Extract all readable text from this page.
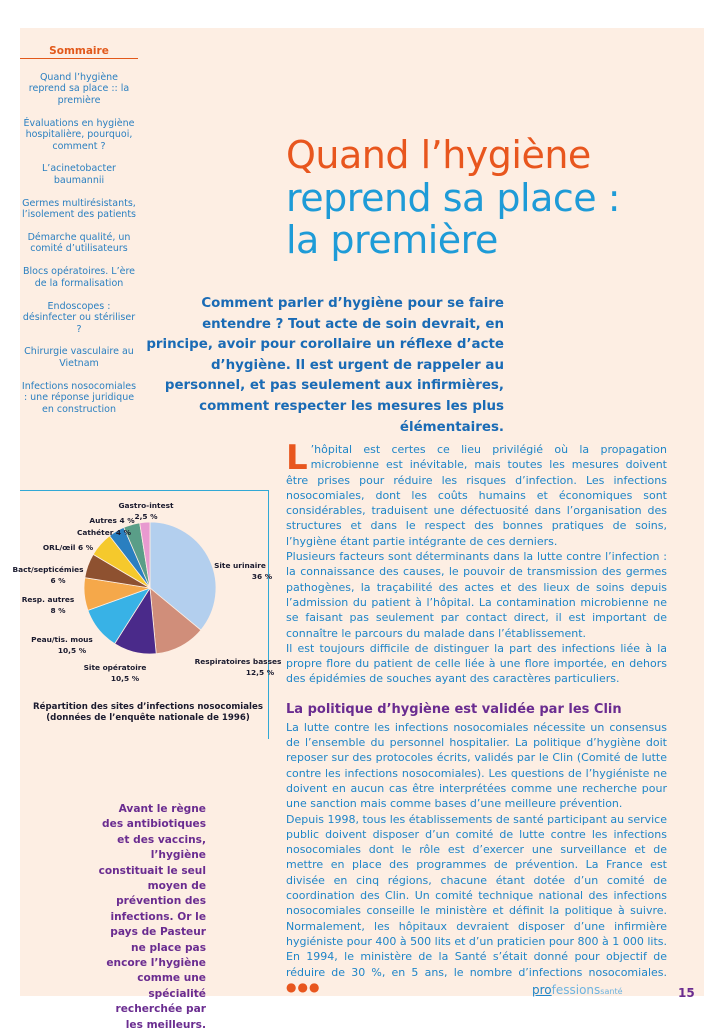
Sommaire
Quand l’hygiène reprend sa place :: la première
Évaluations en hygiène hospitalière, pourquoi, comment ?
L’acinetobacter baumannii
Germes multirésistants, l’isolement des patients
Démarche qualité, un comité d’utilisateurs
Blocs opératoires. L’ère de la formalisation
Endoscopes : désinfecter ou stériliser ?
Chirurgie vasculaire au Vietnam
Infections nosocomiales : une réponse juridique en construction
Quand l’hygiène
reprend sa place :
la première
Comment parler d’hygiène pour se faire entendre ? Tout acte de soin devrait, en principe, avoir pour corollaire un réflexe d’acte d’hygiène. Il est urgent de rappeler au personnel, et pas seulement aux infirmières, comment respecter les mesures les plus élémentaires.
Site urinaire
36 %
Respiratoires basses
12,5 %
Site opératoire
10,5 %
Peau/tis. mous
10,5 %
Resp. autres
8 %
Bact/septicémies
6 %
ORL/œil 6 %
Cathéter 4 %
Autres 4 %
Gastro-intest
2,5 %
Répartition des sites d’infections nosocomiales
(données de l’enquête nationale de 1996)
Avant le règne des antibiotiques et des vaccins, l’hygiène constituait le seul moyen de prévention des infections. Or le pays de Pasteur ne place pas encore l’hygiène comme une spécialité recherchée par les meilleurs.

L ’hôpital est certes ce lieu privilégié où la propagation microbienne est inévitable, mais toutes les mesures doivent être prises pour réduire les risques d’infection. Les infections nosocomiales, dont les coûts humains et économiques sont considérables, traduisent une défectuosité dans l’organisation des structures et dans le respect des bonnes pratiques de soins, l’hygiène étant partie intégrante de ces derniers.

Plusieurs facteurs sont déterminants dans la lutte contre l’infection : la connaissance des causes, le pouvoir de transmission des germes pathogènes, la traçabilité des actes et des lieux de soins depuis l’admission du patient à l’hôpital. La contamination microbienne ne se faisant pas seulement par contact direct, il est important de connaître le parcours du malade dans l’établissement.

Il est toujours difficile de distinguer la part des infections liée à la propre flore du patient de celle liée à une flore importée, en dehors des épidémies de souches ayant des caractères particuliers.

La politique d’hygiène est validée par les Clin

La lutte contre les infections nosocomiales nécessite un consensus de l’ensemble du personnel hospitalier. La politique d’hygiène doit reposer sur des protocoles écrits, validés par le Clin (Comité de lutte contre les infections nosocomiales). Les questions de l’hygiéniste ne doivent en aucun cas être interprétées comme une recherche pour une sanction mais comme bases d’une meilleure prévention.

Depuis 1998, tous les établissements de santé participant au service public doivent disposer d’un comité de lutte contre les infections nosocomiales dont le rôle est d’exercer une surveillance et de mettre en place des programmes de prévention. La France est divisée en cinq régions, chacune étant dotée d’un comité de coordination des Clin. Un comité technique national des infections nosocomiales conseille le ministère et définit la politique à suivre. Normalement, les hôpitaux devraient disposer d’une infirmière hygiéniste pour 400 à 500 lits et d’un praticien pour 800 à 1 000 lits. En 1994, le ministère de la Santé s’était donné pour objectif de réduire de 30 %, en 5 ans, le nombre d’infections nosocomiales. ●●●	professionssanté	15
